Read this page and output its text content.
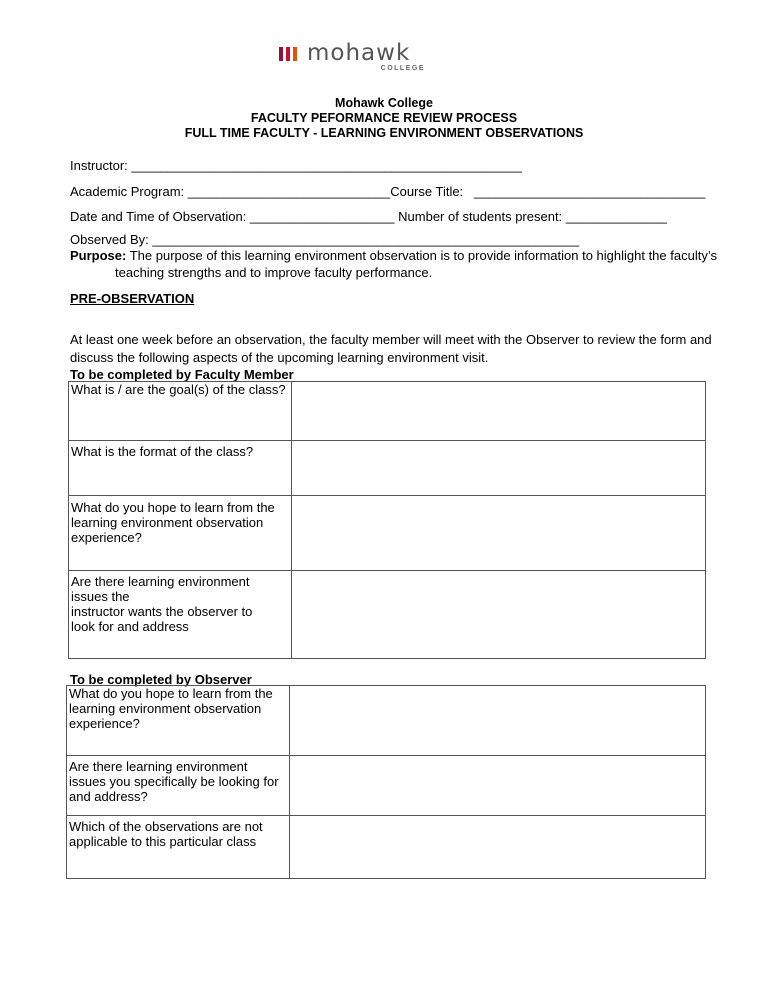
mohawk
COLLEGE
Mohawk College
FACULTY PEFORMANCE REVIEW PROCESS
FULL TIME FACULTY - LEARNING ENVIRONMENT OBSERVATIONS
Instructor: ______________________________________________________
Academic Program: ____________________________Course Title:   ________________________________
Date and Time of Observation: ____________________ Number of students present: ______________
Observed By: ___________________________________________________________
Purpose: The purpose of this learning environment observation is to provide information to highlight the faculty’s
teaching strengths and to improve faculty performance.
PRE-OBSERVATION
At least one week before an observation, the faculty member will meet with the Observer to review the form and discuss the following aspects of the upcoming learning environment visit.
To be completed by Faculty Member
What is / are the goal(s) of the class?	
What is the format of the class?	
What do you hope to learn from the learning environment observation experience?	
Are there learning environment issues the
instructor wants the observer to
look for and address	
To be completed by Observer
What do you hope to learn from the learning environment observation experience?	
Are there learning environment issues you specifically be looking for and address?	
Which of the observations are not applicable to this particular class	
